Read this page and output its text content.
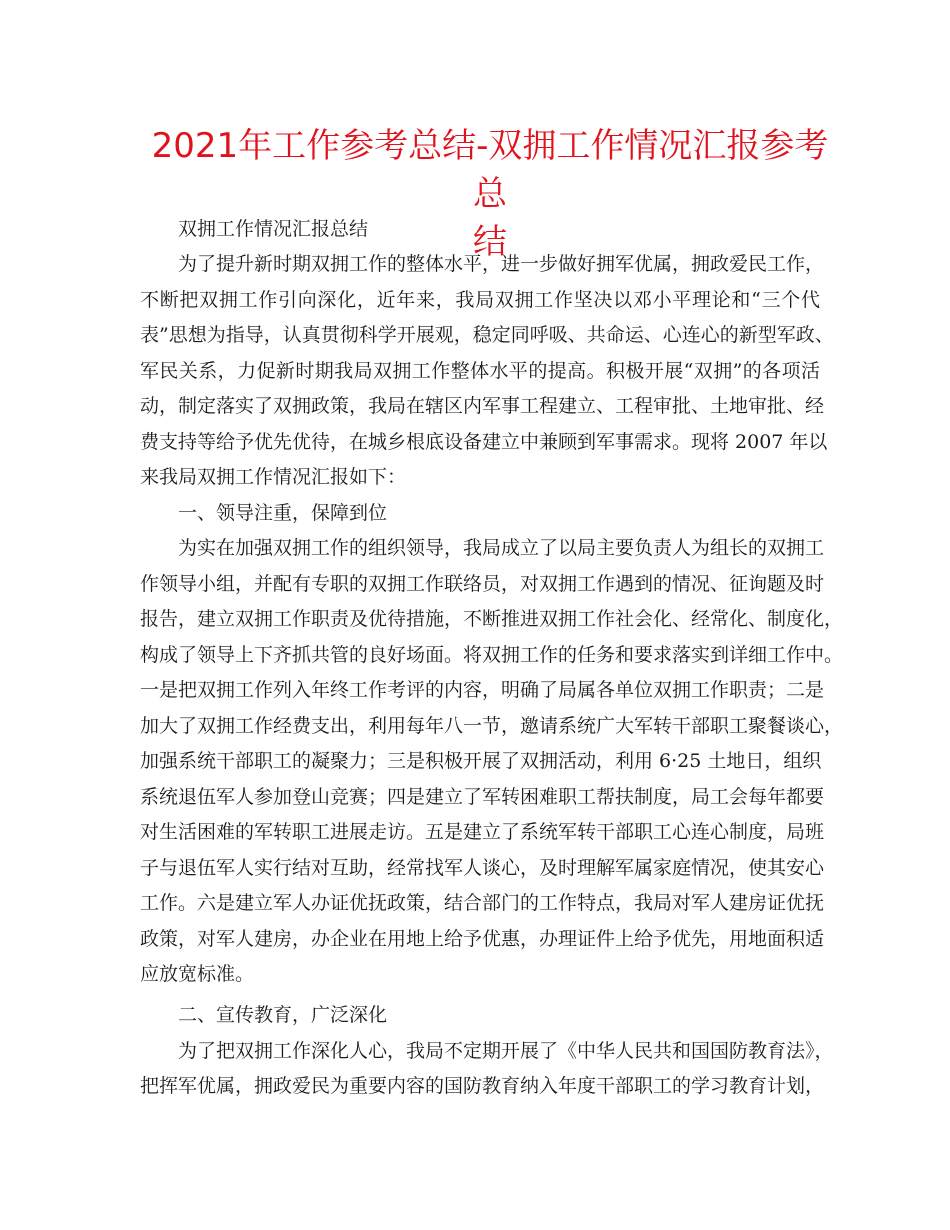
2021年工作参考总结-双拥工作情况汇报参考总
结

双拥工作情况汇报总结

为了提升新时期双拥工作的整体水平，进一步做好拥军优属，拥政爱民工作，

不断把双拥工作引向深化，近年来，我局双拥工作坚决以邓小平理论和“三个代

表”思想为指导，认真贯彻科学开展观，稳定同呼吸、共命运、心连心的新型军政、

军民关系，力促新时期我局双拥工作整体水平的提高。积极开展“双拥”的各项活

动，制定落实了双拥政策，我局在辖区内军事工程建立、工程审批、土地审批、经

费支持等给予优先优待，在城乡根底设备建立中兼顾到军事需求。现将 2007 年以

来我局双拥工作情况汇报如下：

一、领导注重，保障到位

为实在加强双拥工作的组织领导，我局成立了以局主要负责人为组长的双拥工

作领导小组，并配有专职的双拥工作联络员，对双拥工作遇到的情况、征询题及时

报告，建立双拥工作职责及优待措施，不断推进双拥工作社会化、经常化、制度化，

构成了领导上下齐抓共管的良好场面。将双拥工作的任务和要求落实到详细工作中。

一是把双拥工作列入年终工作考评的内容，明确了局属各单位双拥工作职责；二是

加大了双拥工作经费支出，利用每年八一节，邀请系统广大军转干部职工聚餐谈心，

加强系统干部职工的凝聚力；三是积极开展了双拥活动，利用 6·25 土地日，组织

系统退伍军人参加登山竞赛；四是建立了军转困难职工帮扶制度，局工会每年都要

对生活困难的军转职工进展走访。五是建立了系统军转干部职工心连心制度，局班

子与退伍军人实行结对互助，经常找军人谈心，及时理解军属家庭情况，使其安心

工作。六是建立军人办证优抚政策，结合部门的工作特点，我局对军人建房证优抚

政策，对军人建房，办企业在用地上给予优惠，办理证件上给予优先，用地面积适

应放宽标准。

二、宣传教育，广泛深化

为了把双拥工作深化人心，我局不定期开展了《中华人民共和国国防教育法》，

把挥军优属，拥政爱民为重要内容的国防教育纳入年度干部职工的学习教育计划，
